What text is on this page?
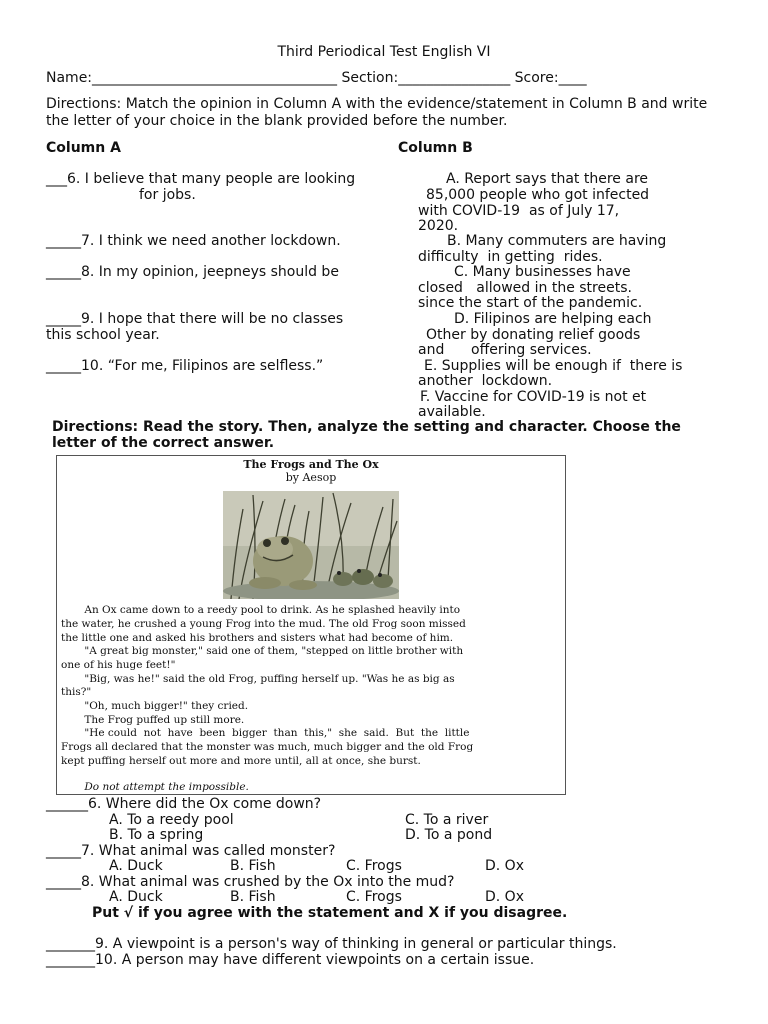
Third Periodical Test English VI
Name:___________________________________ Section:________________ Score:____
Directions: Match the opinion in Column A with the evidence/statement in Column B and write
the letter of your choice in the blank provided before the number.
Column A	Column B
___6. I believe that many people are looking
for jobs.
_____7. I think we need another lockdown.
_____8. In my opinion, jeepneys should be
_____9. I hope that there will be no classes
this school year.
_____10. “For me, Filipinos are selfless.”
A. Report says that there are
85,000 people who got infected
with COVID-19  as of July 17,
2020.
B. Many commuters are having
difficulty  in getting  rides.
C. Many businesses have
closed   allowed in the streets.
since the start of the pandemic.
D. Filipinos are helping each
Other by donating relief goods
and      offering services.
E. Supplies will be enough if  there is
another  lockdown.
F. Vaccine for COVID-19 is not et
available.
Directions: Read the story. Then, analyze the setting and character. Choose the
letter of the correct answer.
The Frogs and The Ox
by Aesop
An Ox came down to a reedy pool to drink. As he splashed heavily into
the water, he crushed a young Frog into the mud. The old Frog soon missed
the little one and asked his brothers and sisters what had become of him.
"A great big monster," said one of them, "stepped on little brother with
one of his huge feet!"
"Big, was he!" said the old Frog, puffing herself up. "Was he as big as
this?"
"Oh, much bigger!" they cried.
The Frog puffed up still more.
"He could  not  have  been  bigger  than  this,"  she  said.  But  the  little
Frogs all declared that the monster was much, much bigger and the old Frog
kept puffing herself out more and more until, all at once, she burst.
Do not attempt the impossible.
______6. Where did the Ox come down?
A. To a reedy pool	C. To a river
B. To a spring	D. To a pond
_____7. What animal was called monster?
A. Duck	B. Fish	C. Frogs	D. Ox
_____8. What animal was crushed by the Ox into the mud?
A. Duck	B. Fish	C. Frogs	D. Ox
Put √ if you agree with the statement and X if you disagree.
_______9. A viewpoint is a person's way of thinking in general or particular things.
_______10. A person may have different viewpoints on a certain issue.
